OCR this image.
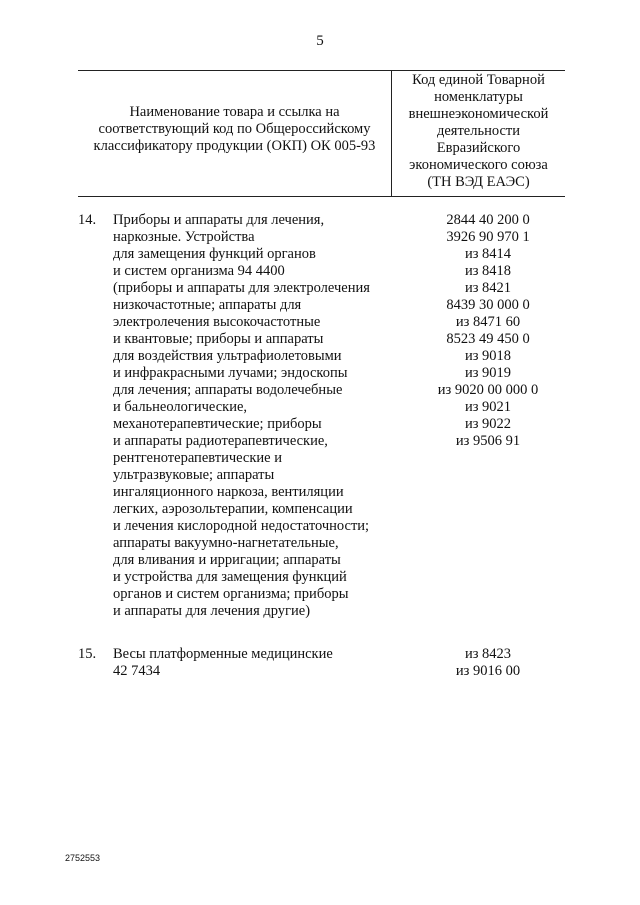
5
Наименование товара и ссылка на
соответствующий код по Общероссийскому
классификатору продукции (ОКП) ОК 005-93
Код единой Товарной
номенклатуры
внешнеэкономической
деятельности
Евразийского
экономического союза
(ТН ВЭД ЕАЭС)
14.	Приборы и аппараты для лечения,
наркозные. Устройства
для замещения функций органов
и систем организма 94 4400
(приборы и аппараты для электролечения
низкочастотные; аппараты для
электролечения высокочастотные
и квантовые; приборы и аппараты
для воздействия ультрафиолетовыми
и инфракрасными лучами; эндоскопы
для лечения; аппараты водолечебные
и бальнеологические,
механотерапевтические; приборы
и аппараты радиотерапевтические,
рентгенотерапевтические и
ультразвуковые; аппараты
ингаляционного наркоза, вентиляции
легких, аэрозольтерапии, компенсации
и лечения кислородной недостаточности;
аппараты вакуумно-нагнетательные,
для вливания и ирригации; аппараты
и устройства для замещения функций
органов и систем организма; приборы
и аппараты для лечения другие)
2844 40 200 0
3926 90 970 1
из 8414
из 8418
из 8421
8439 30 000 0
из 8471 60
8523 49 450 0
из 9018
из 9019
из 9020 00 000 0
из 9021
из 9022
из 9506 91
15.	Весы платформенные медицинские
42 7434
из 8423
из 9016 00
2752553
